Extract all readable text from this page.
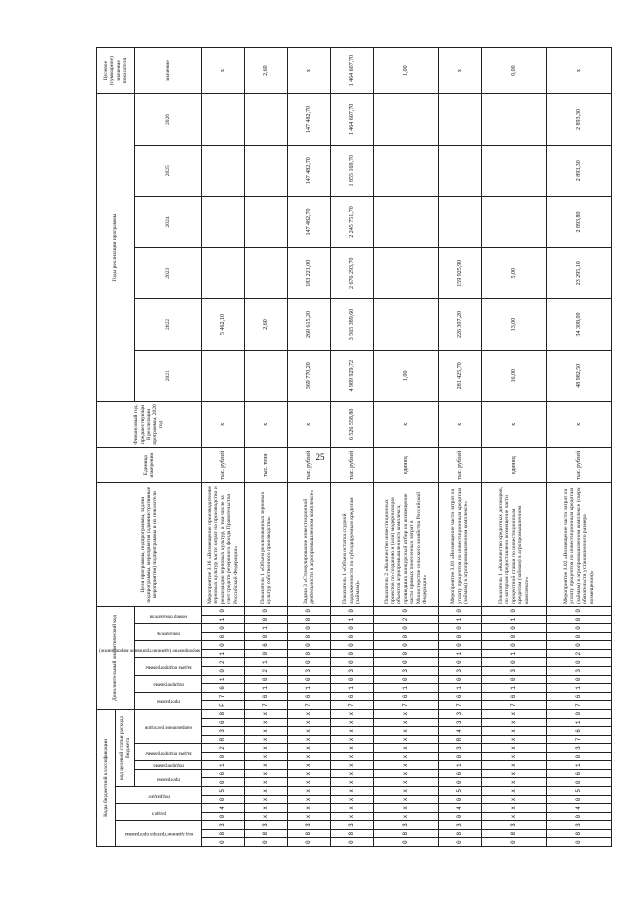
25
Коды бюджетной классификации																Дополнительный аналитический код												Цели программы, подпрограммы, задачи подпрограммы, мероприятия (административные мероприятия) подпрограммы и их показатели	Единица измерения	Финансовый год, предшествующий реализации программы, 2020 год	Годы реализации программы						Целевое (суммарное) значение показателя
код администратора программы			раздел		подраздел		код целевой статьи расхода бюджета																														
							программа		подпрограмма	задача подпрограммы		направление расходов				программа		подпрограмма		задача подпрограммы		мероприятие (административное мероприятие)		показатель		номер показателя					2021	2022	2023	2024	2025	2026	значение
0	8	3	0	4	0	5	0	6	1	0	2	R	3	6	8	F	7	6	1	0	2	1	0	6	0	1	0	Мероприятие 3.16 «Возмещение производителям зерновых культур части затрат на производство и реализацию зерновых культур, в том числе за счет средств резервного фонда Правительства Российской Федерации»	тыс. рублей	х		5 462,10					х
0	8	3	х	х	х	х	х	х	х	х	х	х	х	х	х	7	6	1	0	2	1	0	6	0	1	0	0	Показатель 1 «Объем реализованных зерновых культур собственного производства»	тыс. тонн	х		2,60					2,60
0	8	3	х	х	х	х	х	х	х	х	х	х	х	х	х	7	6	1	0	3	0	0	0	0	0	0	0	Задача 3 «Стимулирование инвестиционной деятельности в агропромышленном комплексе»	тыс. рублей	х	369 770,20	260 615,20	183 221,00	147 482,70	147 482,70	147 482,70	х
0	8	3	х	х	х	х	х	х	х	х	х	х	х	х	х	7	6	1	0	3	0	0	0	0	0	1	0	Показатель 1 «Объем остатка ссудной задолженности по субсидируемым кредитам (займам)»	тыс. рублей	6 526 558,80	4 989 929,72	3 565 389,60	2 676 293,70	2 245 751,70	1 855 169,70	1 464 607,70	1 464 607,70
0	8	3	х	х	х	х	х	х	х	х	х	х	х	х	х	7	6	1	0	3	0	0	0	0	0	2	0	Показатель 2 «Количество инвестиционных проектов по созданию и (или) модернизации объектов агропромышленного комплекса, прошедших конкурсный отбор на возмещение части прямых понесенных затрат в Министерстве сельского хозяйства Российской Федерации»	единиц	х	1,00						1,00
0	8	3	0	4	0	5	0	6	1	0	3	R	4	3	3	7	6	1	0	3	0	1	0	0	0	1	0	Мероприятие 3.01 «Возмещение части затрат на уплату процентов по инвестиционным кредитам (займам) в агропромышленном комплексе»	тыс. рублей	х	281 425,70	226 307,20	159 925,90				х
0	8	3	х	х	х	х	х	х	х	х	х	х	х	х	х	7	6	1	0	3	0	1	0	0	0	1	0	Показатель 1 «Количество кредитных договоров, по которым предоставлено возмещение части процентной ставки по инвестиционным кредитам (займам) в агропромышленном комплексе»	единиц	х	16,00	13,00	5,00				0,00
0	8	3	0	4	0	5	0	6	1	0	3	7	6	1	0	7	6	1	0	3	0	2	0	0	0	0	0	Мероприятие 3.02 «Возмещение части затрат на уплату процентов по инвестиционным кредитам (займам) в агропромышленном комплексе (сверх обязательств установленного размера возмещения)»	тыс. рублей	х	48 982,50	34 308,00	23 295,10	2 893,80	2 893,30	2 893,30	х
